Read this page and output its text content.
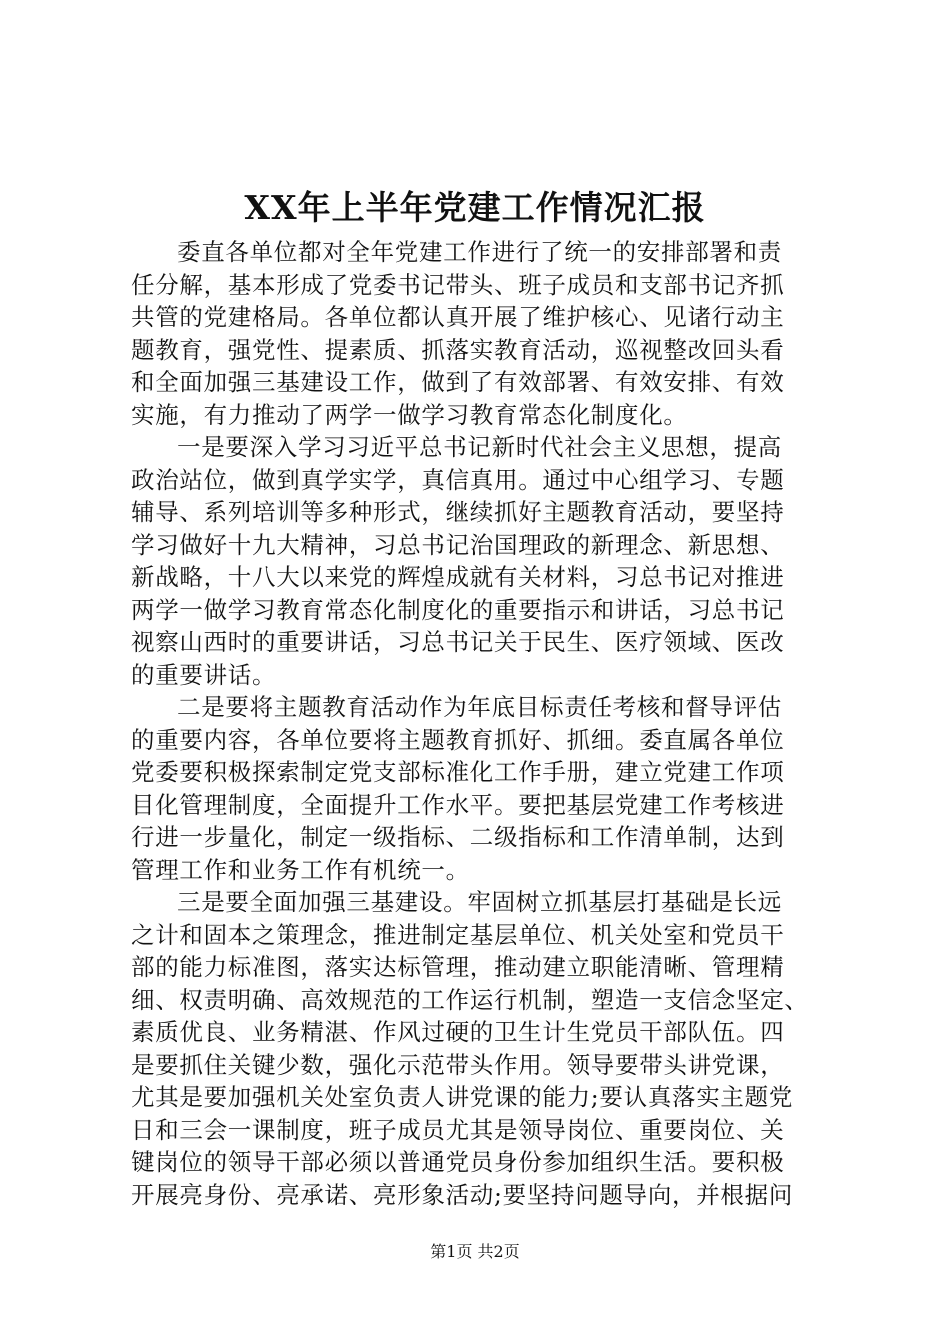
XX年上半年党建工作情况汇报
委直各单位都对全年党建工作进行了统一的安排部署和责
任分解，基本形成了党委书记带头、班子成员和支部书记齐抓
共管的党建格局。各单位都认真开展了维护核心、见诸行动主
题教育，强党性、提素质、抓落实教育活动，巡视整改回头看
和全面加强三基建设工作，做到了有效部署、有效安排、有效
实施，有力推动了两学一做学习教育常态化制度化。
一是要深入学习习近平总书记新时代社会主义思想，提高
政治站位，做到真学实学，真信真用。通过中心组学习、专题
辅导、系列培训等多种形式，继续抓好主题教育活动，要坚持
学习做好十九大精神，习总书记治国理政的新理念、新思想、
新战略，十八大以来党的辉煌成就有关材料，习总书记对推进
两学一做学习教育常态化制度化的重要指示和讲话，习总书记
视察山西时的重要讲话，习总书记关于民生、医疗领域、医改
的重要讲话。
二是要将主题教育活动作为年底目标责任考核和督导评估
的重要内容，各单位要将主题教育抓好、抓细。委直属各单位
党委要积极探索制定党支部标准化工作手册，建立党建工作项
目化管理制度，全面提升工作水平。要把基层党建工作考核进
行进一步量化，制定一级指标、二级指标和工作清单制，达到
管理工作和业务工作有机统一。
三是要全面加强三基建设。牢固树立抓基层打基础是长远
之计和固本之策理念，推进制定基层单位、机关处室和党员干
部的能力标准图，落实达标管理，推动建立职能清晰、管理精
细、权责明确、高效规范的工作运行机制，塑造一支信念坚定、
素质优良、业务精湛、作风过硬的卫生计生党员干部队伍。四
是要抓住关键少数，强化示范带头作用。领导要带头讲党课，
尤其是要加强机关处室负责人讲党课的能力;要认真落实主题党
日和三会一课制度，班子成员尤其是领导岗位、重要岗位、关
键岗位的领导干部必须以普通党员身份参加组织生活。要积极
开展亮身份、亮承诺、亮形象活动;要坚持问题导向，并根据问
第1页 共2页
